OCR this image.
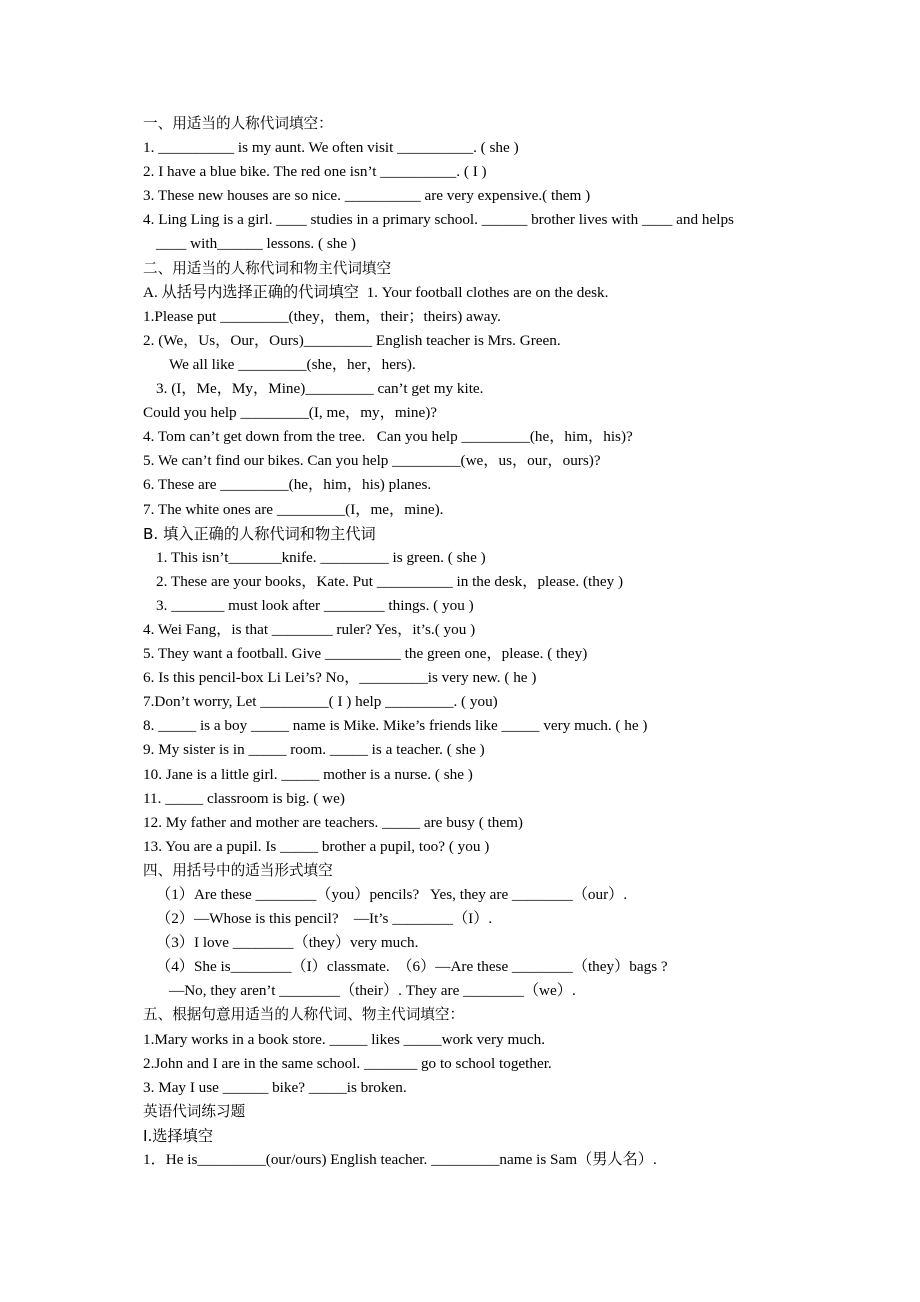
一、用适当的人称代词填空：

1. __________ is my aunt. We often visit __________. ( she )

2. I have a blue bike. The red one isn’t __________. ( I )

3. These new houses are so nice. __________ are very expensive.( them )

4. Ling Ling is a girl. ____ studies in a primary school. ______ brother lives with ____ and helps

____ with______ lessons. ( she )

二、用适当的人称代词和物主代词填空

A. 从括号内选择正确的代词填空  1. Your football clothes are on the desk.

1.Please put _________(they，them，their；theirs) away.

2. (We，Us，Our，Ours)_________ English teacher is Mrs. Green.

We all like _________(she，her，hers).

3. (I，Me，My，Mine)_________ can’t get my kite.

Could you help _________(I, me，my，mine)?

4. Tom can’t get down from the tree.   Can you help _________(he，him，his)?

5. We can’t find our bikes. Can you help _________(we，us，our，ours)?

6. These are _________(he，him，his) planes.

7. The white ones are _________(I，me，mine).

B. 填入正确的人称代词和物主代词

1. This isn’t_______knife. _________ is green. ( she )

2. These are your books，Kate. Put __________ in the desk，please. (they )

3. _______ must look after ________ things. ( you )

4. Wei Fang，is that ________ ruler? Yes，it’s.( you )

5. They want a football. Give __________ the green one，please. ( they)

6. Is this pencil-box Li Lei’s? No，_________is very new. ( he )

7.Don’t worry, Let _________( I ) help _________. ( you)

8. _____ is a boy _____ name is Mike. Mike’s friends like _____ very much. ( he )

9. My sister is in _____ room. _____ is a teacher. ( she )

10. Jane is a little girl. _____ mother is a nurse. ( she )

11. _____ classroom is big. ( we)

12. My father and mother are teachers. _____ are busy ( them)

13. You are a pupil. Is _____ brother a pupil, too? ( you )

四、用括号中的适当形式填空

（1）Are these ________（you）pencils?   Yes, they are ________（our）.

（2）—Whose is this pencil?    —It’s ________（I）.

（3）I love ________（they）very much.

（4）She is________（I）classmate.  （6）—Are these ________（they）bags ?

—No, they aren’t ________（their）. They are ________（we）.

五、根据句意用适当的人称代词、物主代词填空：

1.Mary works in a book store. _____ likes _____work very much.

2.John and I are in the same school. _______ go to school together.

3. May I use ______ bike? _____is broken.

英语代词练习题

I.选择填空

1．He is_________(our/ours) English teacher. _________name is Sam（男人名）.
